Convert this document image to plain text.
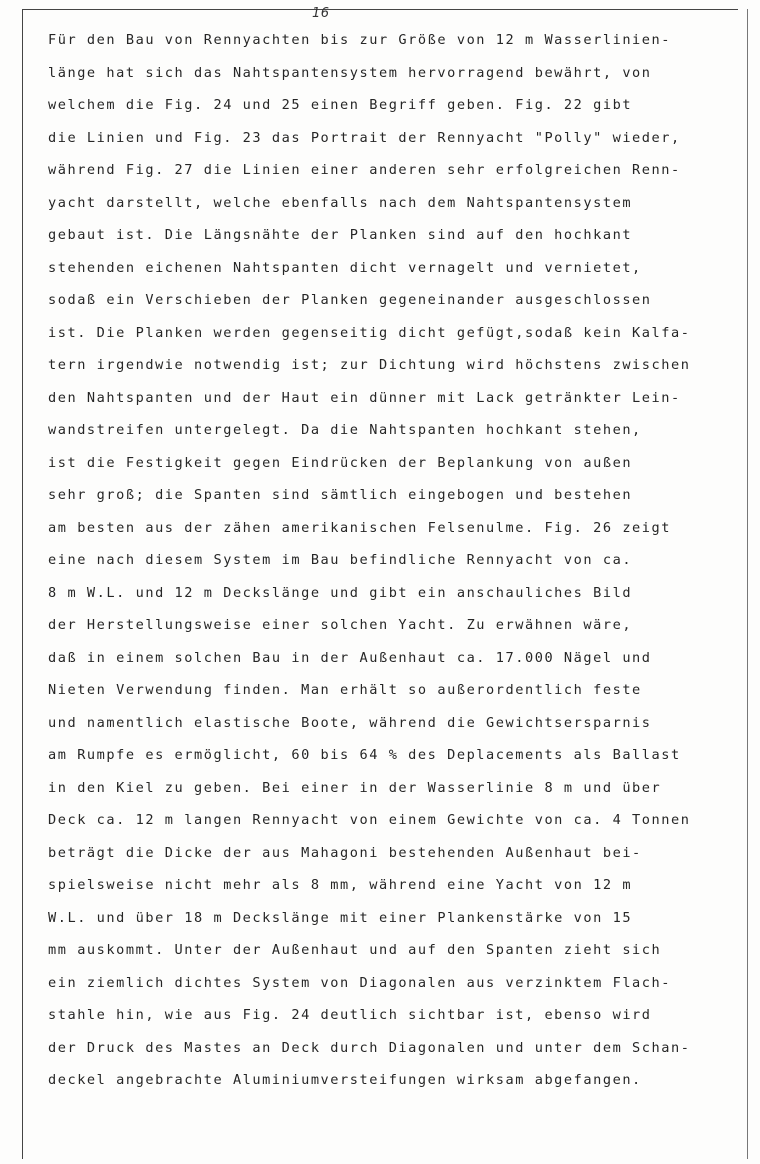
16
Für den Bau von Rennyachten bis zur Größe von 12 m Wasserlinien-
länge hat sich das Nahtspantensystem hervorragend bewährt, von
welchem die Fig. 24 und 25 einen Begriff geben. Fig. 22 gibt
die Linien und Fig. 23 das Portrait der Rennyacht "Polly" wieder,
während Fig. 27 die Linien einer anderen sehr erfolgreichen Renn-
yacht darstellt, welche ebenfalls nach dem Nahtspantensystem
gebaut ist. Die Längsnähte der Planken sind auf den hochkant
stehenden eichenen Nahtspanten dicht vernagelt und vernietet,
sodaß ein Verschieben der Planken gegeneinander ausgeschlossen
ist. Die Planken werden gegenseitig dicht gefügt,sodaß kein Kalfa-
tern irgendwie notwendig ist; zur Dichtung wird höchstens zwischen
den Nahtspanten und der Haut ein dünner mit Lack getränkter Lein-
wandstreifen untergelegt. Da die Nahtspanten hochkant stehen,
ist die Festigkeit gegen Eindrücken der Beplankung von außen
sehr groß; die Spanten sind sämtlich eingebogen und bestehen
am besten aus der zähen amerikanischen Felsenulme. Fig. 26 zeigt
eine nach diesem System im Bau befindliche Rennyacht von ca.
8 m W.L. und 12 m Deckslänge und gibt ein anschauliches Bild
der Herstellungsweise einer solchen Yacht. Zu erwähnen wäre,
daß in einem solchen Bau in der Außenhaut ca. 17.000 Nägel und
Nieten Verwendung finden. Man erhält so außerordentlich feste
und namentlich elastische Boote, während die Gewichtsersparnis
am Rumpfe es ermöglicht, 60 bis 64 % des Deplacements als Ballast
in den Kiel zu geben. Bei einer in der Wasserlinie 8 m und über
Deck ca. 12 m langen Rennyacht von einem Gewichte von ca. 4 Tonnen
beträgt die Dicke der aus Mahagoni bestehenden Außenhaut bei-
spielsweise nicht mehr als 8 mm, während eine Yacht von 12 m
W.L. und über 18 m Deckslänge mit einer Plankenstärke von 15
mm auskommt. Unter der Außenhaut und auf den Spanten zieht sich
ein ziemlich dichtes System von Diagonalen aus verzinktem Flach-
stahle hin, wie aus Fig. 24 deutlich sichtbar ist, ebenso wird
der Druck des Mastes an Deck durch Diagonalen und unter dem Schan-
deckel angebrachte Aluminiumversteifungen wirksam abgefangen.
